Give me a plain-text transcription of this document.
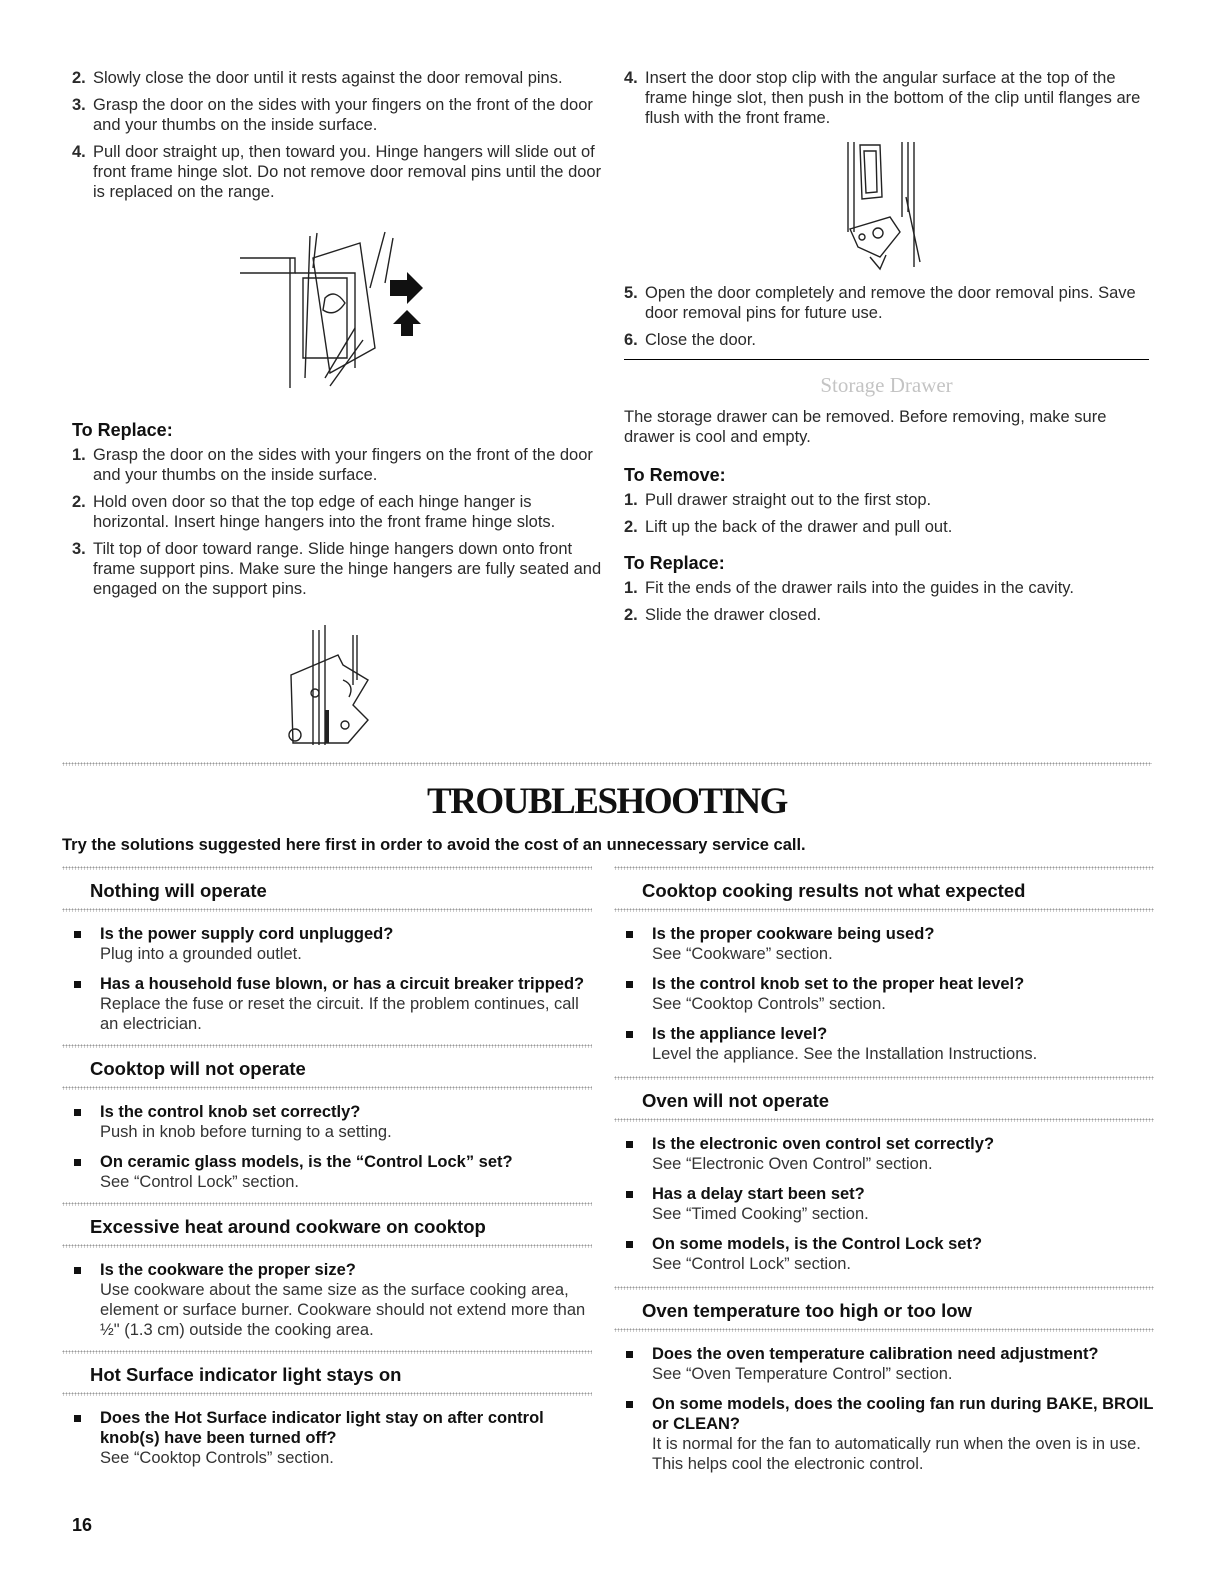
2. Slowly close the door until it rests against the door removal pins.
3. Grasp the door on the sides with your fingers on the front of the door and your thumbs on the inside surface.
4. Pull door straight up, then toward you. Hinge hangers will slide out of front frame hinge slot. Do not remove door removal pins until the door is replaced on the range.
To Replace:
1. Grasp the door on the sides with your fingers on the front of the door and your thumbs on the inside surface.
2. Hold oven door so that the top edge of each hinge hanger is horizontal. Insert hinge hangers into the front frame hinge slots.
3. Tilt top of door toward range. Slide hinge hangers down onto front frame support pins. Make sure the hinge hangers are fully seated and engaged on the support pins.
4. Insert the door stop clip with the angular surface at the top of the frame hinge slot, then push in the bottom of the clip until flanges are flush with the front frame.
5. Open the door completely and remove the door removal pins. Save door removal pins for future use.
6. Close the door.
Storage Drawer
The storage drawer can be removed. Before removing, make sure drawer is cool and empty.
To Remove:
1. Pull drawer straight out to the first stop.
2. Lift up the back of the drawer and pull out.
To Replace:
1. Fit the ends of the drawer rails into the guides in the cavity.
2. Slide the drawer closed.
TROUBLESHOOTING
Try the solutions suggested here first in order to avoid the cost of an unnecessary service call.
Nothing will operate
Is the power supply cord unplugged?
Plug into a grounded outlet.
Has a household fuse blown, or has a circuit breaker tripped?
Replace the fuse or reset the circuit. If the problem continues, call an electrician.
Cooktop will not operate
Is the control knob set correctly?
Push in knob before turning to a setting.
On ceramic glass models, is the “Control Lock” set?
See “Control Lock” section.
Excessive heat around cookware on cooktop
Is the cookware the proper size?
Use cookware about the same size as the surface cooking area, element or surface burner. Cookware should not extend more than ½" (1.3 cm) outside the cooking area.
Hot Surface indicator light stays on
Does the Hot Surface indicator light stay on after control knob(s) have been turned off?
See “Cooktop Controls” section.
Cooktop cooking results not what expected
Is the proper cookware being used?
See “Cookware” section.
Is the control knob set to the proper heat level?
See “Cooktop Controls” section.
Is the appliance level?
Level the appliance. See the Installation Instructions.
Oven will not operate
Is the electronic oven control set correctly?
See “Electronic Oven Control” section.
Has a delay start been set?
See “Timed Cooking” section.
On some models, is the Control Lock set?
See “Control Lock” section.
Oven temperature too high or too low
Does the oven temperature calibration need adjustment?
See “Oven Temperature Control” section.
On some models, does the cooling fan run during BAKE, BROIL or CLEAN?
It is normal for the fan to automatically run when the oven is in use. This helps cool the electronic control.
16
